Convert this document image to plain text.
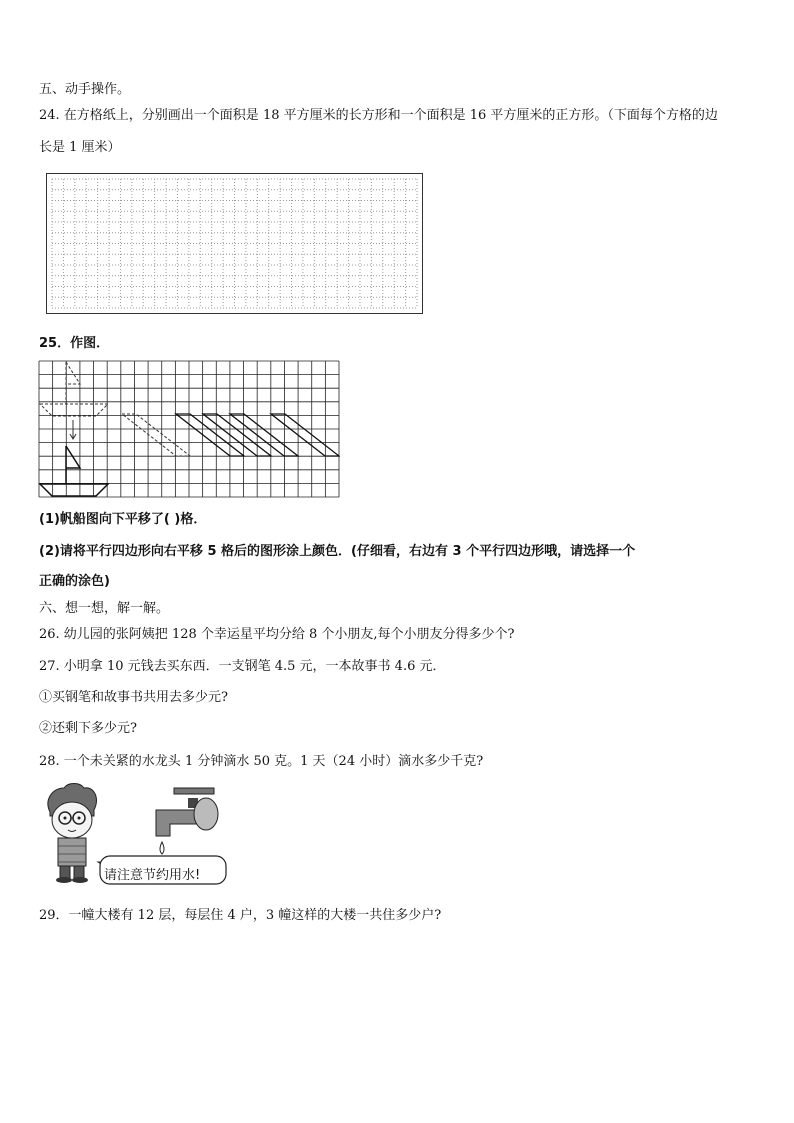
五、动手操作。
24. 在方格纸上，分别画出一个面积是 18 平方厘米的长方形和一个面积是 16 平方厘米的正方形。（下面每个方格的边
长是 1 厘米）
25．作图．
(1)帆船图向下平移了( )格．
(2)请将平行四边形向右平移 5 格后的图形涂上颜色．(仔细看，右边有 3 个平行四边形哦，请选择一个
正确的涂色)
六、想一想，解一解。
26. 幼儿园的张阿姨把 128 个幸运星平均分给 8 个小朋友,每个小朋友分得多少个?
27. 小明拿 10 元钱去买东西．一支钢笔 4.5 元，一本故事书 4.6 元．
①买钢笔和故事书共用去多少元?
②还剩下多少元?
28. 一个未关紧的水龙头 1 分钟滴水 50 克。1 天（24 小时）滴水多少千克?
请注意节约用水!
29．一幢大楼有 12 层，每层住 4 户，3 幢这样的大楼一共住多少户?
